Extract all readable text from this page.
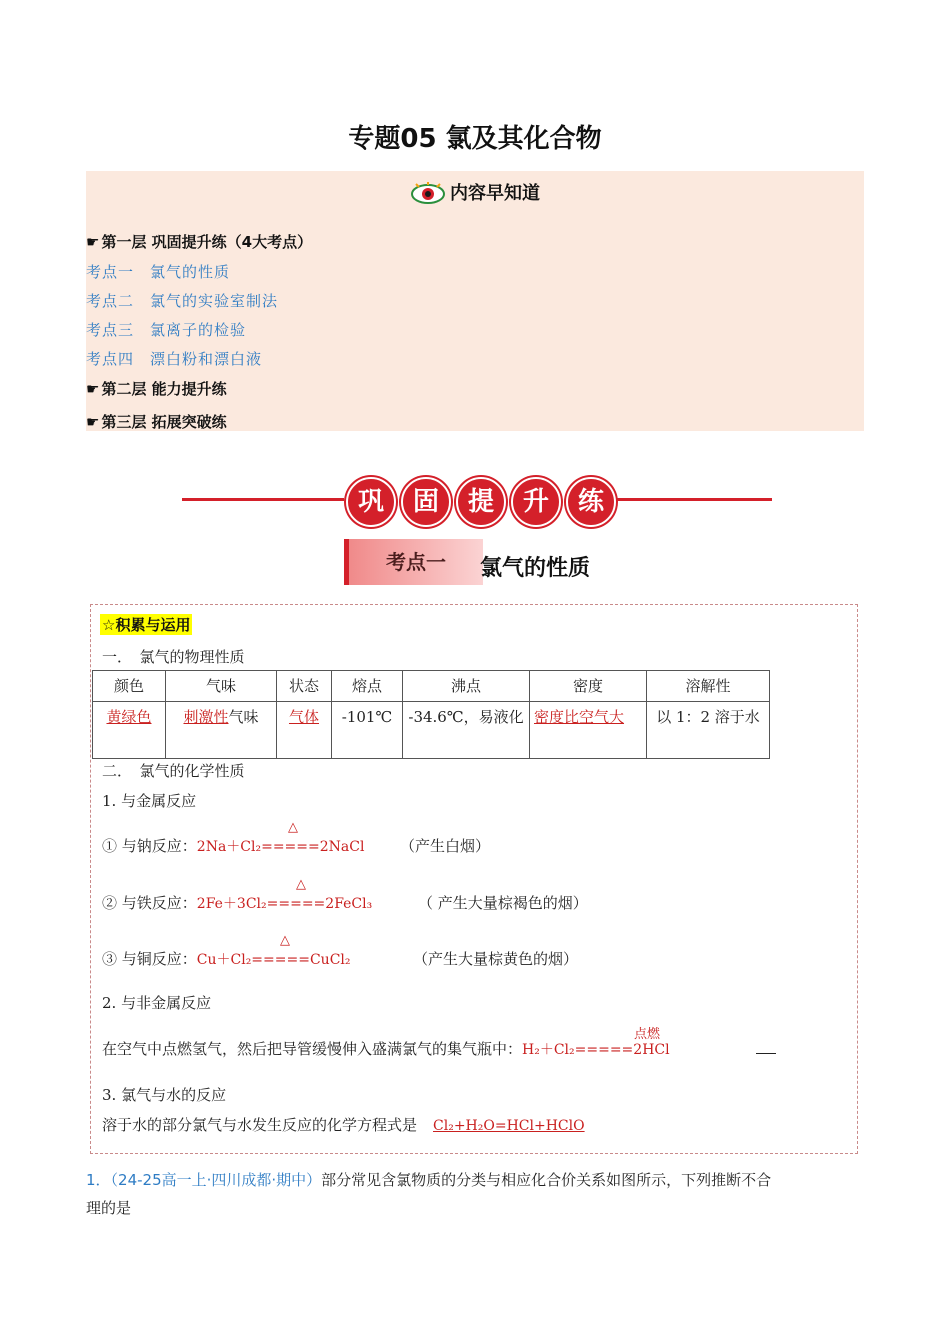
专题05 氯及其化合物
内容早知道
☛ 第一层 巩固提升练（4大考点）
考点一　氯气的性质
考点二　氯气的实验室制法
考点三　氯离子的检验
考点四　漂白粉和漂白液
☛ 第二层 能力提升练
☛ 第三层 拓展突破练
巩	固	提	升	练
考点一	氯气的性质
☆积累与运用
一．　氯气的物理性质
颜色	气味	状态	熔点	沸点	密度	溶解性
黄绿色	刺激性气味	气体	-101℃	-34.6℃，易液化	密度比空气大	以 1：2 溶于水
二．　氯气的化学性质
1. 与金属反应
① 与钠反应：2Na＋Cl₂=====2NaCl
△
（产生白烟）
② 与铁反应：2Fe＋3Cl₂=====2FeCl₃
△
（ 产生大量棕褐色的烟）
③ 与铜反应：Cu＋Cl₂=====CuCl₂
△
（产生大量棕黄色的烟）
2. 与非金属反应
在空气中点燃氢气，然后把导管缓慢伸入盛满氯气的集气瓶中：H₂＋Cl₂=====2HCl
点燃
3. 氯气与水的反应
溶于水的部分氯气与水发生反应的化学方程式是 Cl₂+H₂O=HCl+HClO
1．（24-25高一上·四川成都·期中）部分常见含氯物质的分类与相应化合价关系如图所示，下列推断不合
理的是
